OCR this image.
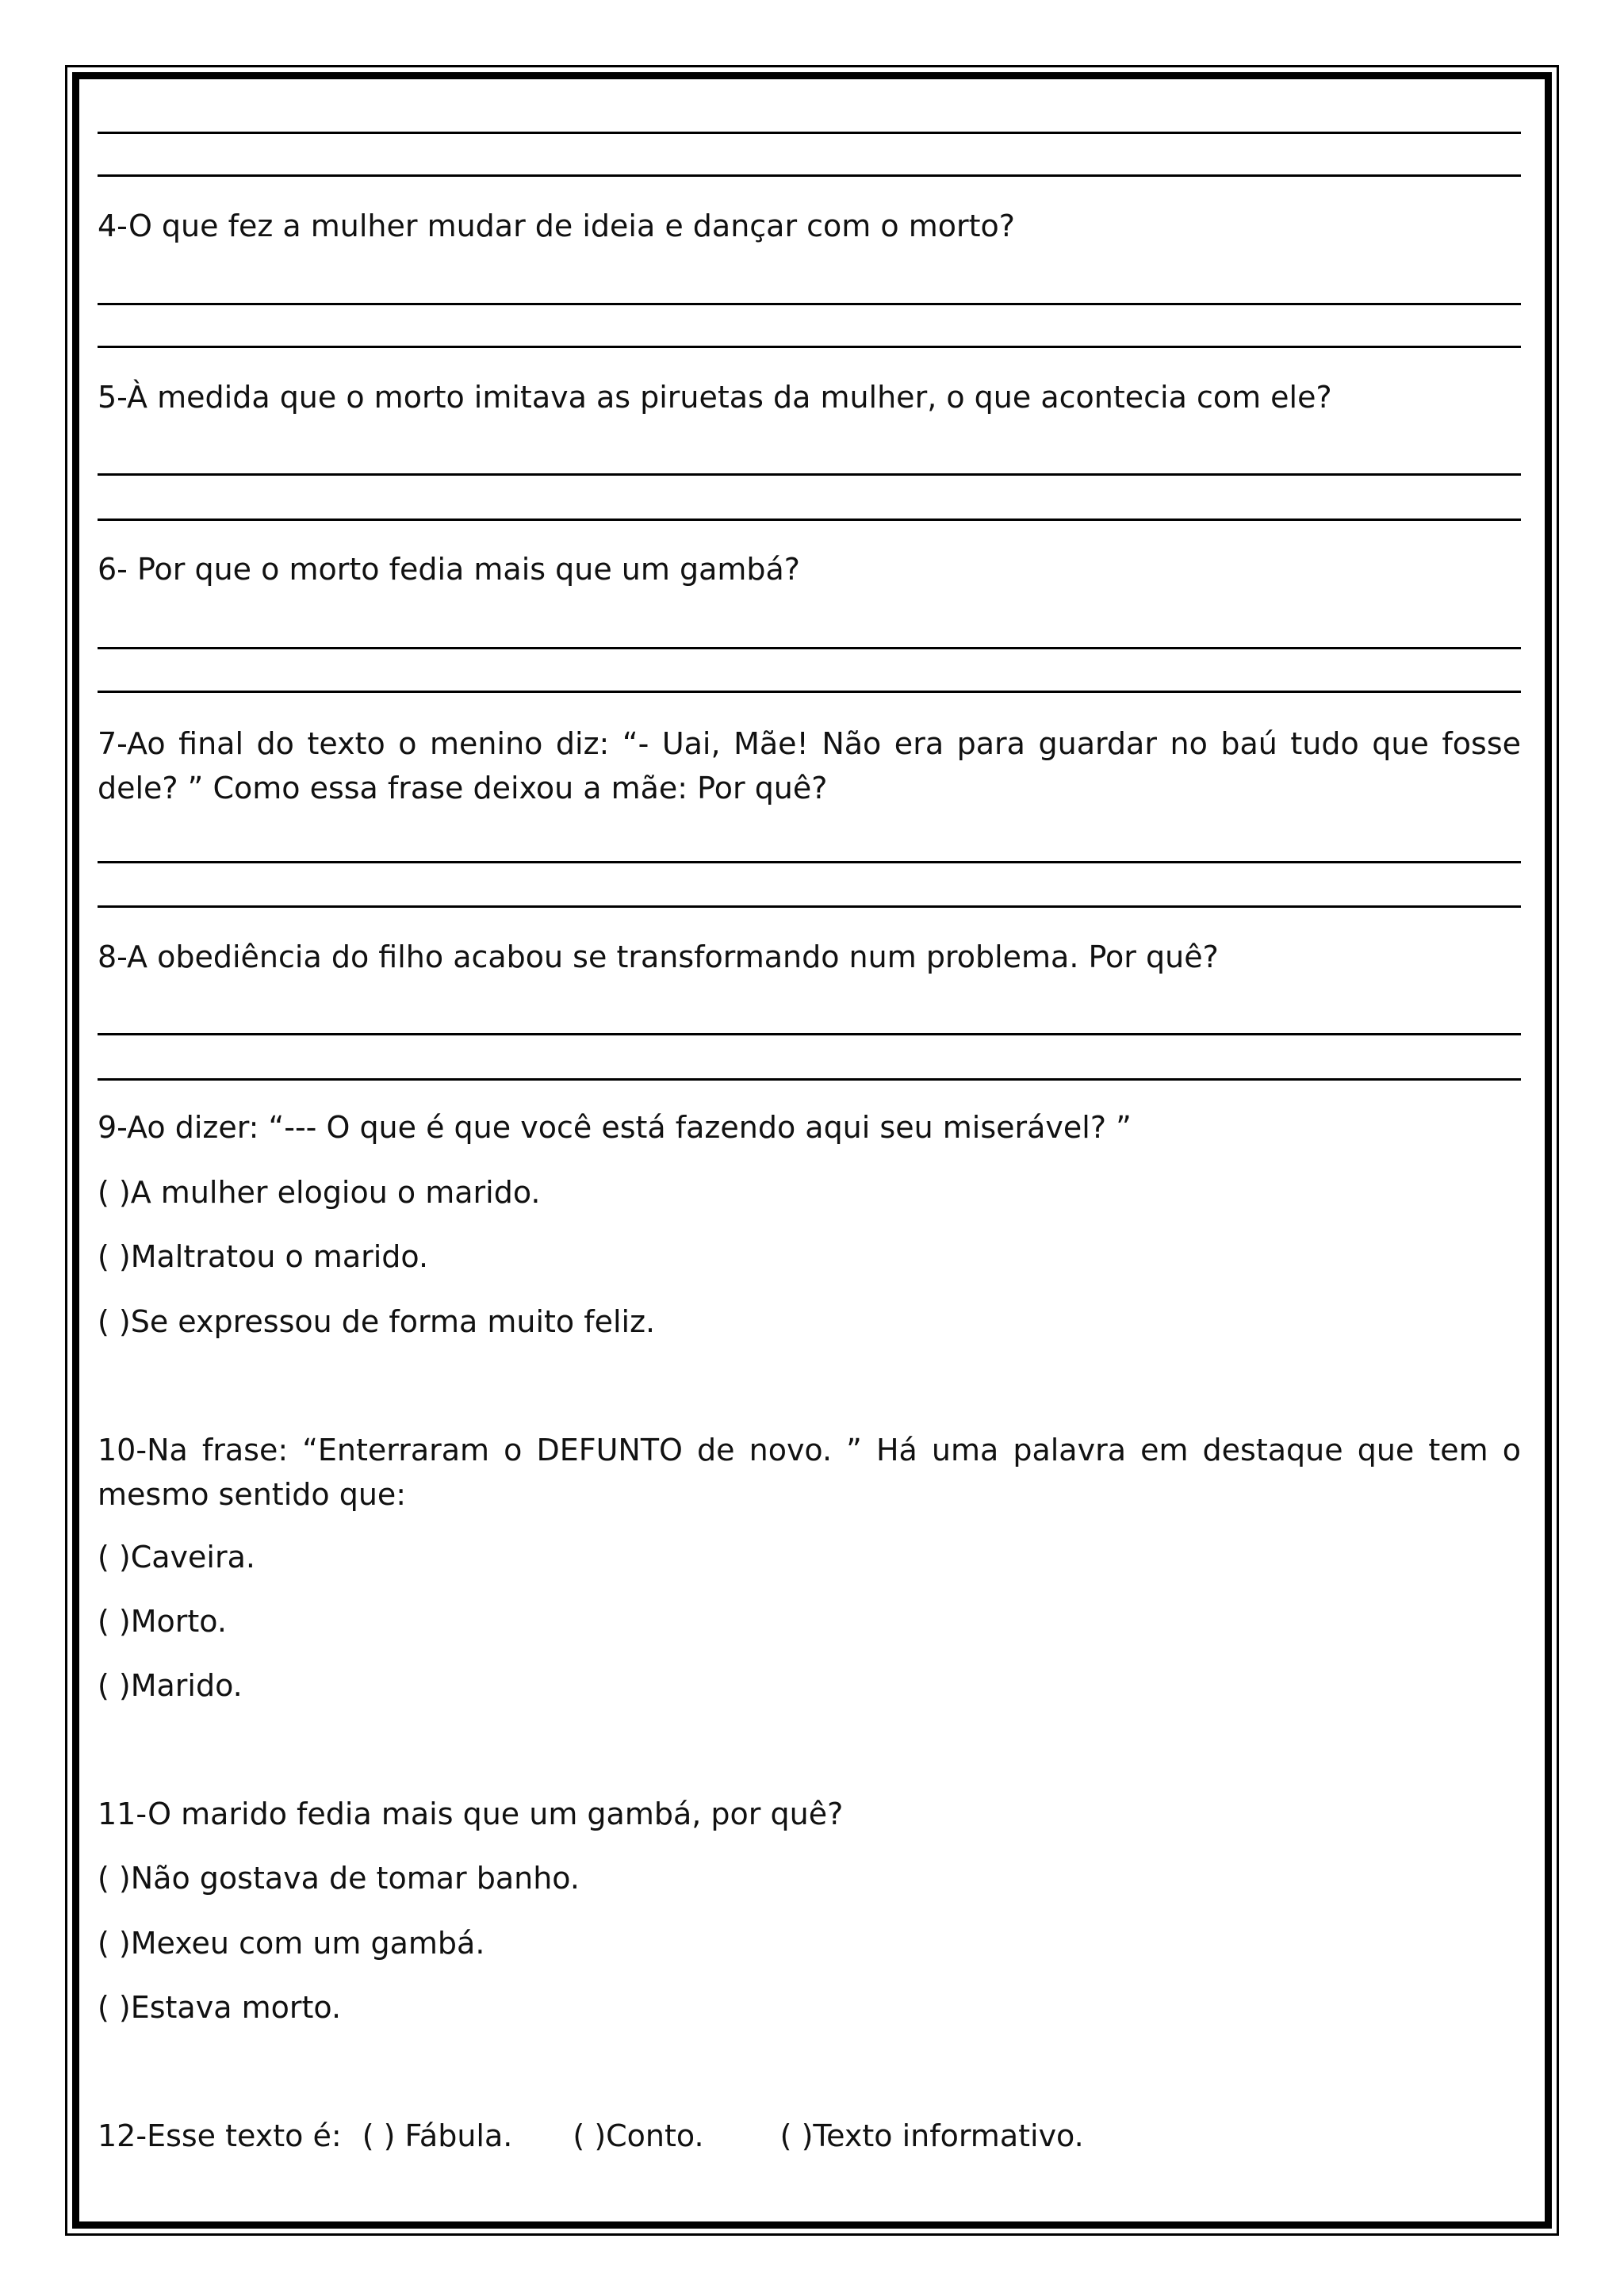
4-O que fez a mulher mudar de ideia e dançar com o morto?
5-À medida que o morto imitava as piruetas da mulher, o que acontecia com ele?
6- Por que o morto fedia mais que um gambá?
7-Ao final do texto o menino diz: “- Uai, Mãe! Não era para guardar no baú tudo que fosse dele? ” Como essa frase deixou a mãe: Por quê?
8-A obediência do filho acabou se transformando num problema. Por quê?
9-Ao dizer: “--- O que é que você está fazendo aqui seu miserável? ”
( )A mulher elogiou o marido.
( )Maltratou o marido.
( )Se expressou de forma muito feliz.
10-Na frase: “Enterraram o DEFUNTO de novo. ” Há uma palavra em destaque que tem o mesmo sentido que:
( )Caveira.
( )Morto.
( )Marido.
11-O marido fedia mais que um gambá, por quê?
( )Não gostava de tomar banho.
( )Mexeu com um gambá.
( )Estava morto.
12-Esse texto é: ( ) Fábula. ( )Conto.	( )Texto informativo.
